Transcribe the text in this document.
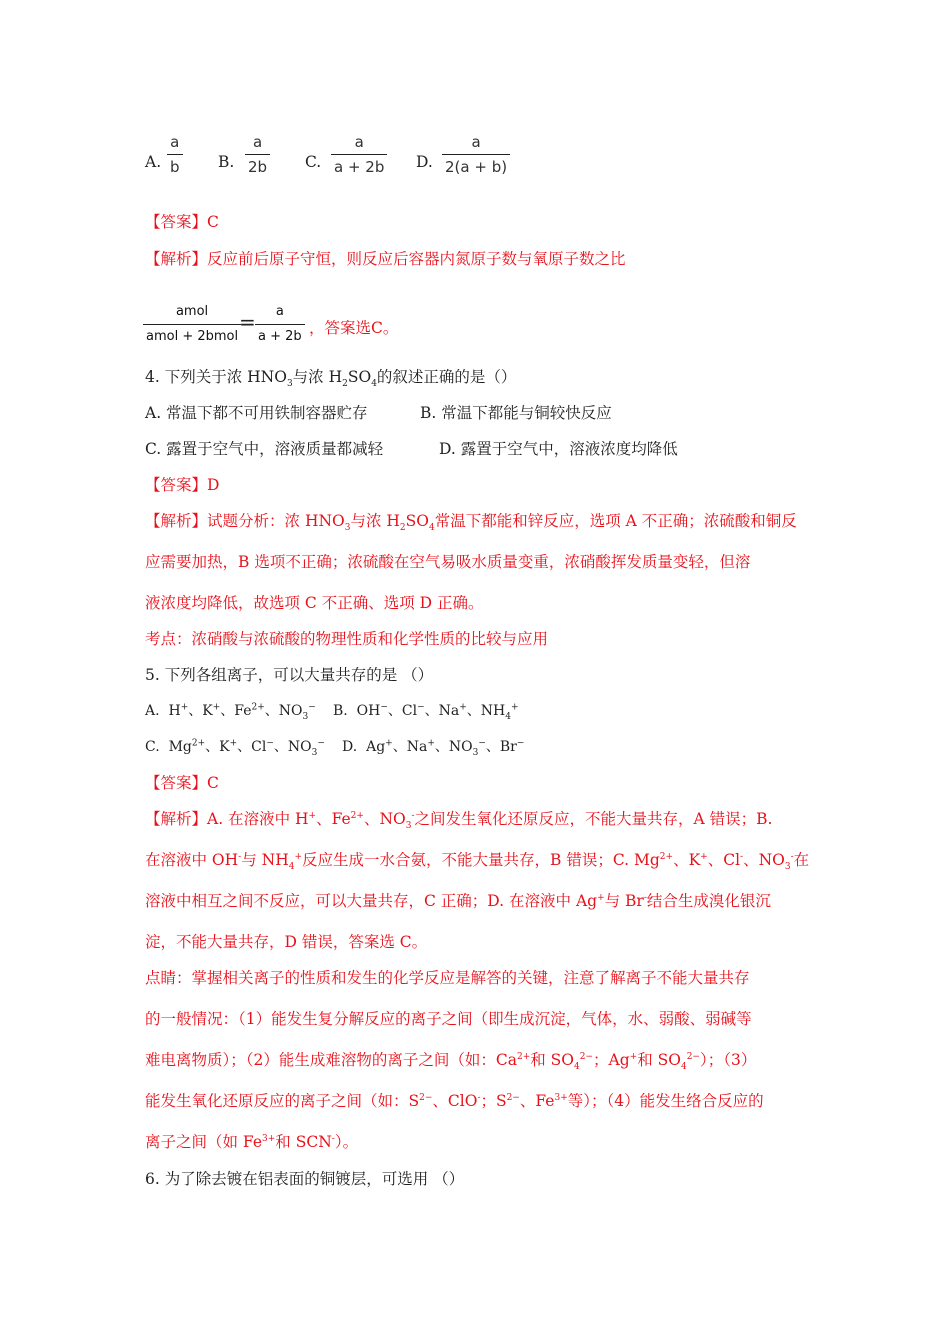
A. $\frac{a}{b} B$. $\frac{a}{2b} C$. $\frac{a}{a + 2b} D$. $\frac{a}{2(a + b)}$
【答案】C
【解析】反应前后原子守恒，则反应后容器内氮原子数与氧原子数之比
amol
amol + 2bmol
= $\frac{a}{a + 2b}$ ，答案选C。
4. 下列关于浓 $HNO_3$与浓 $H_2SO_4$的叙述正确的是（）
A. 常温下都不可用铁制容器贮存	B. 常温下都能与铜较快反应
C. 露置于空气中，溶液质量都减轻	D. 露置于空气中，溶液浓度均降低
【答案】D
【解析】试题分析：浓 $HNO_3$与浓 $H_2SO_4$常温下都能和锌反应，选项 A 不正确；浓硫酸和铜反
应需要加热，B 选项不正确；浓硫酸在空气易吸水质量变重，浓硝酸挥发质量变轻，但溶
液浓度均降低，故选项 C 不正确、选项 D 正确。
考点：浓硝酸与浓硫酸的物理性质和化学性质的比较与应用
5. 下列各组离子，可以大量共存的是 （）
A. H+、K+、$Fe^{2+}$、$NO_3^-$ B. OH−、Cl−、Na+、$NH_4^+$
C. $Mg^{2+}$、K+、Cl−、$NO_3^-$ D. Ag+、Na+、$NO_3^-$、Br−
【答案】C
【解析】A. 在溶液中 H+、$Fe^{2+}$、$NO_3^-$之间发生氧化还原反应，不能大量共存，A 错误；B.
在溶液中 OH-与 $NH_4^+$反应生成一水合氨，不能大量共存，B 错误；C. $Mg^{2+}$、K+、Cl-、$NO_3^-$在
溶液中相互之间不反应，可以大量共存，C 正确；D. 在溶液中 Ag+与 Br-结合生成溴化银沉
淀，不能大量共存，D 错误，答案选 C。
点睛：掌握相关离子的性质和发生的化学反应是解答的关键，注意了解离子不能大量共存
的一般情况：（1）能发生复分解反应的离子之间（即生成沉淀，气体，水、弱酸、弱碱等
难电离物质）；（2）能生成难溶物的离子之间（如：$Ca^{2+}$和 $SO_4^{2-}$；Ag+和 $SO_4^{2-}$）；（3）
能发生氧化还原反应的离子之间（如：$S^{2-}$、ClO-；$S^{2-}$、$Fe^{3+}$等）；（4）能发生络合反应的
离子之间（如 $Fe^{3+}$和 SCN-）。
6. 为了除去镀在铝表面的铜镀层，可选用 （）
